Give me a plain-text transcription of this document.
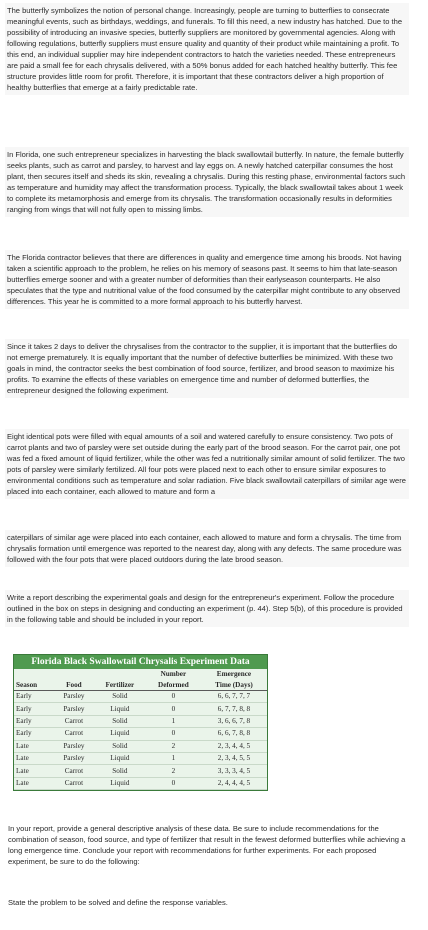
The butterfly symbolizes the notion of personal change. Increasingly, people are turning to butterflies to consecrate meaningful events, such as birthdays, weddings, and funerals. To fill this need, a new industry has hatched. Due to the possibility of introducing an invasive species, butterfly suppliers are monitored by governmental agencies. Along with following regulations, butterfly suppliers must ensure quality and quantity of their product while maintaining a profit. To this end, an individual supplier may hire independent contractors to hatch the varieties needed. These entrepreneurs are paid a small fee for each chrysalis delivered, with a 50% bonus added for each hatched healthy butterfly. This fee structure provides little room for profit. Therefore, it is important that these contractors deliver a high proportion of healthy butterflies that emerge at a fairly predictable rate.

In Florida, one such entrepreneur specializes in harvesting the black swallowtail butterfly. In nature, the female butterfly seeks plants, such as carrot and parsley, to harvest and lay eggs on. A newly hatched caterpillar consumes the host plant, then secures itself and sheds its skin, revealing a chrysalis. During this resting phase, environmental factors such as temperature and humidity may affect the transformation process. Typically, the black swallowtail takes about 1 week to complete its metamorphosis and emerge from its chrysalis. The transformation occasionally results in deformities ranging from wings that will not fully open to missing limbs.

The Florida contractor believes that there are differences in quality and emergence time among his broods. Not having taken a scientific approach to the problem, he relies on his memory of seasons past. It seems to him that late-season butterflies emerge sooner and with a greater number of deformities than their earlyseason counterparts. He also speculates that the type and nutritional value of the food consumed by the caterpillar might contribute to any observed differences. This year he is committed to a more formal approach to his butterfly harvest.

Since it takes 2 days to deliver the chrysalises from the contractor to the supplier, it is important that the butterflies do not emerge prematurely. It is equally important that the number of defective butterflies be minimized. With these two goals in mind, the contractor seeks the best combination of food source, fertilizer, and brood season to maximize his profits. To examine the effects of these variables on emergence time and number of deformed butterflies, the entrepreneur designed the following experiment.

Eight identical pots were filled with equal amounts of a soil and watered carefully to ensure consistency. Two pots of carrot plants and two of parsley were set outside during the early part of the brood season. For the carrot pair, one pot was fed a fixed amount of liquid fertilizer, while the other was fed a nutritionally similar amount of solid fertilizer. The two pots of parsley were similarly fertilized. All four pots were placed next to each other to ensure similar exposures to environmental conditions such as temperature and solar radiation. Five black swallowtail caterpillars of similar age were placed into each container, each allowed to mature and form a

caterpillars of similar age were placed into each container, each allowed to mature and form a chrysalis. The time from chrysalis formation until emergence was reported to the nearest day, along with any defects. The same procedure was followed with the four pots that were placed outdoors during the late brood season.

Write a report describing the experimental goals and design for the entrepreneur's experiment. Follow the procedure outlined in the box on steps in designing and conducting an experiment (p. 44). Step 5(b), of this procedure is provided in the following table and should be included in your report.

Florida Black Swallowtail Chrysalis Experiment Data
			Number	Emergence
Season	Food	Fertilizer	Deformed	Time (Days)
Early	Parsley	Solid	0	6, 6, 7, 7, 7
Early	Parsley	Liquid	0	6, 7, 7, 8, 8
Early	Carrot	Solid	1	3, 6, 6, 7, 8
Early	Carrot	Liquid	0	6, 6, 7, 8, 8
Late	Parsley	Solid	2	2, 3, 4, 4, 5
Late	Parsley	Liquid	1	2, 3, 4, 5, 5
Late	Carrot	Solid	2	3, 3, 3, 4, 5
Late	Carrot	Liquid	0	2, 4, 4, 4, 5

In your report, provide a general descriptive analysis of these data. Be sure to include recommendations for the combination of season, food source, and type of fertilizer that result in the fewest deformed butterflies while achieving a long emergence time. Conclude your report with recommendations for further experiments. For each proposed experiment, be sure to do the following:

State the problem to be solved and define the response variables.
